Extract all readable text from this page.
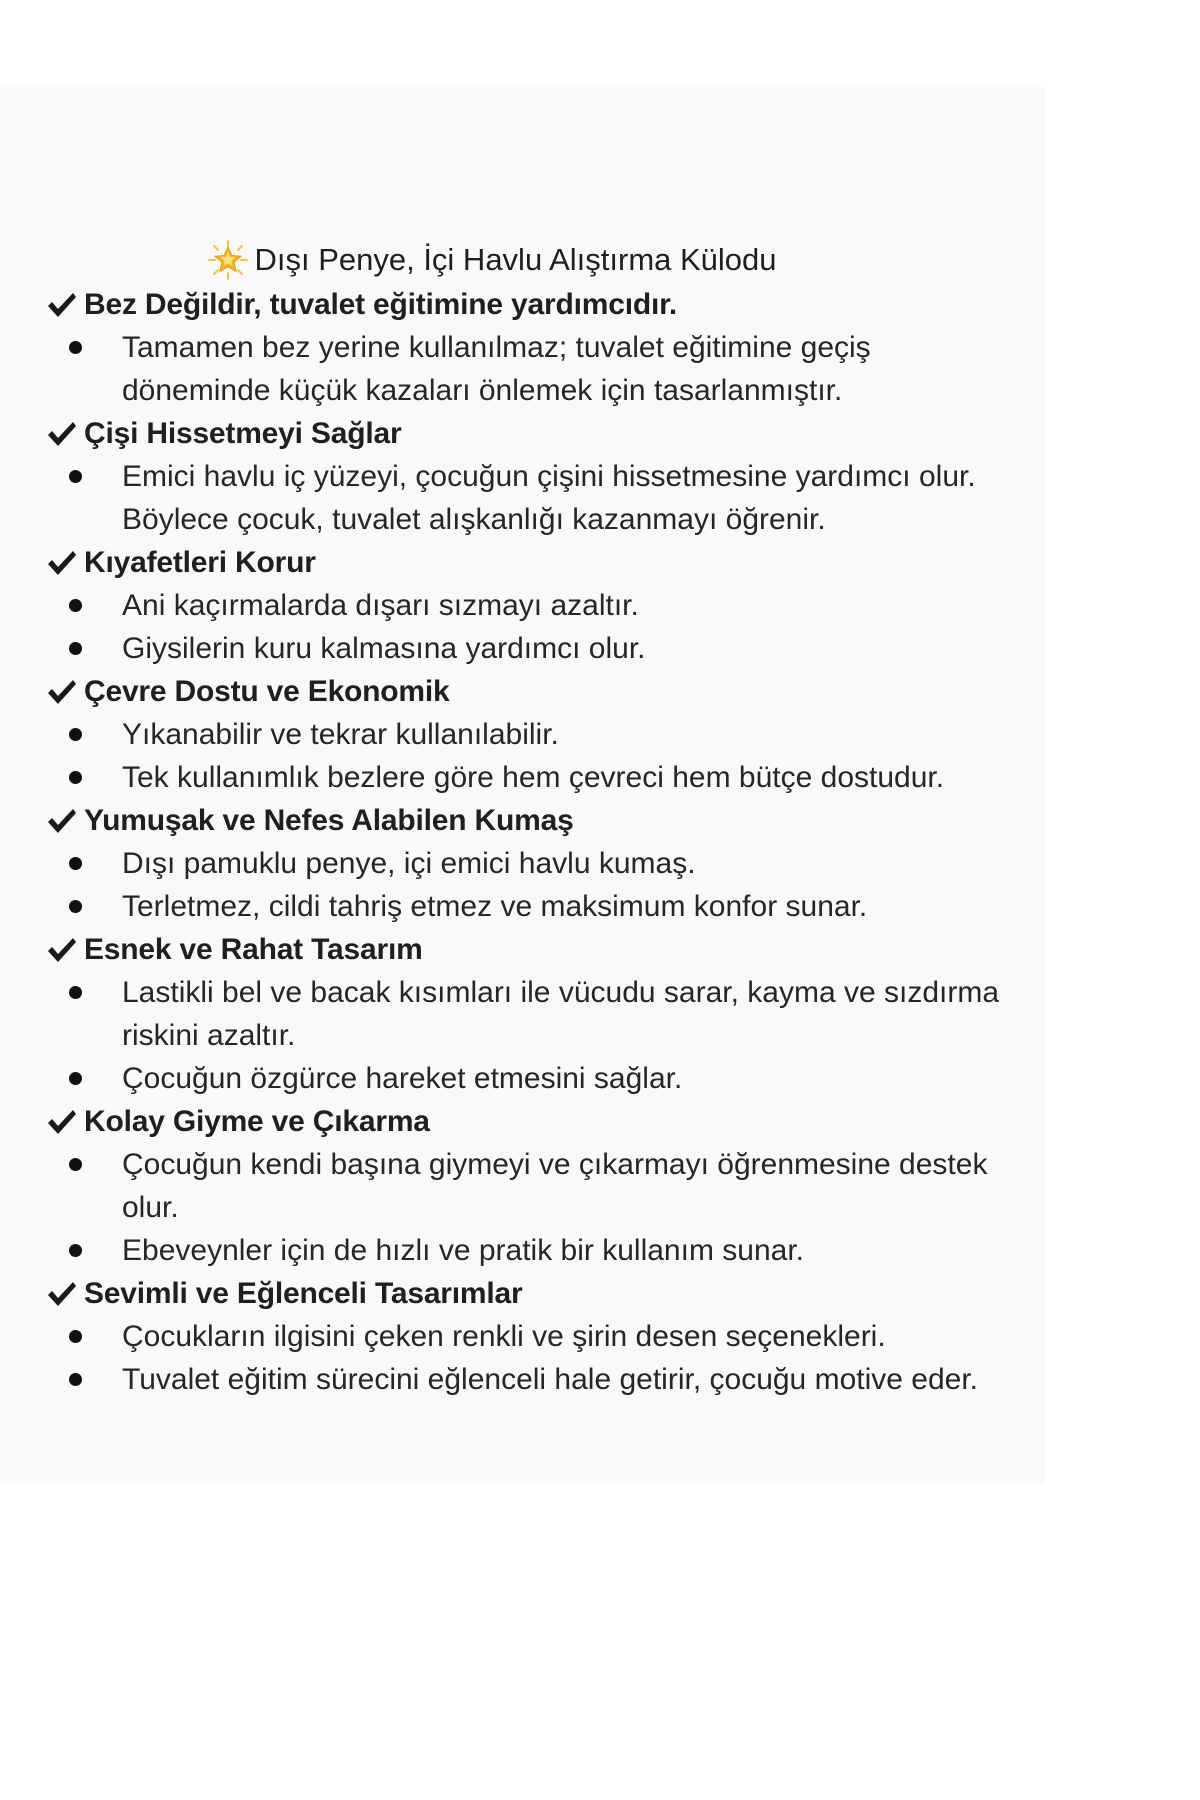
Dışı Penye, İçi Havlu Alıştırma Külodu
Bez Değildir, tuvalet eğitimine yardımcıdır.
Tamamen bez yerine kullanılmaz; tuvalet eğitimine geçiş döneminde küçük kazaları önlemek için tasarlanmıştır.
Çişi Hissetmeyi Sağlar
Emici havlu iç yüzeyi, çocuğun çişini hissetmesine yardımcı olur. Böylece çocuk, tuvalet alışkanlığı kazanmayı öğrenir.
Kıyafetleri Korur
Ani kaçırmalarda dışarı sızmayı azaltır.
Giysilerin kuru kalmasına yardımcı olur.
Çevre Dostu ve Ekonomik
Yıkanabilir ve tekrar kullanılabilir.
Tek kullanımlık bezlere göre hem çevreci hem bütçe dostudur.
Yumuşak ve Nefes Alabilen Kumaş
Dışı pamuklu penye, içi emici havlu kumaş.
Terletmez, cildi tahriş etmez ve maksimum konfor sunar.
Esnek ve Rahat Tasarım
Lastikli bel ve bacak kısımları ile vücudu sarar, kayma ve sızdırma riskini azaltır.
Çocuğun özgürce hareket etmesini sağlar.
Kolay Giyme ve Çıkarma
Çocuğun kendi başına giymeyi ve çıkarmayı öğrenmesine destek olur.
Ebeveynler için de hızlı ve pratik bir kullanım sunar.
Sevimli ve Eğlenceli Tasarımlar
Çocukların ilgisini çeken renkli ve şirin desen seçenekleri.
Tuvalet eğitim sürecini eğlenceli hale getirir, çocuğu motive eder.
